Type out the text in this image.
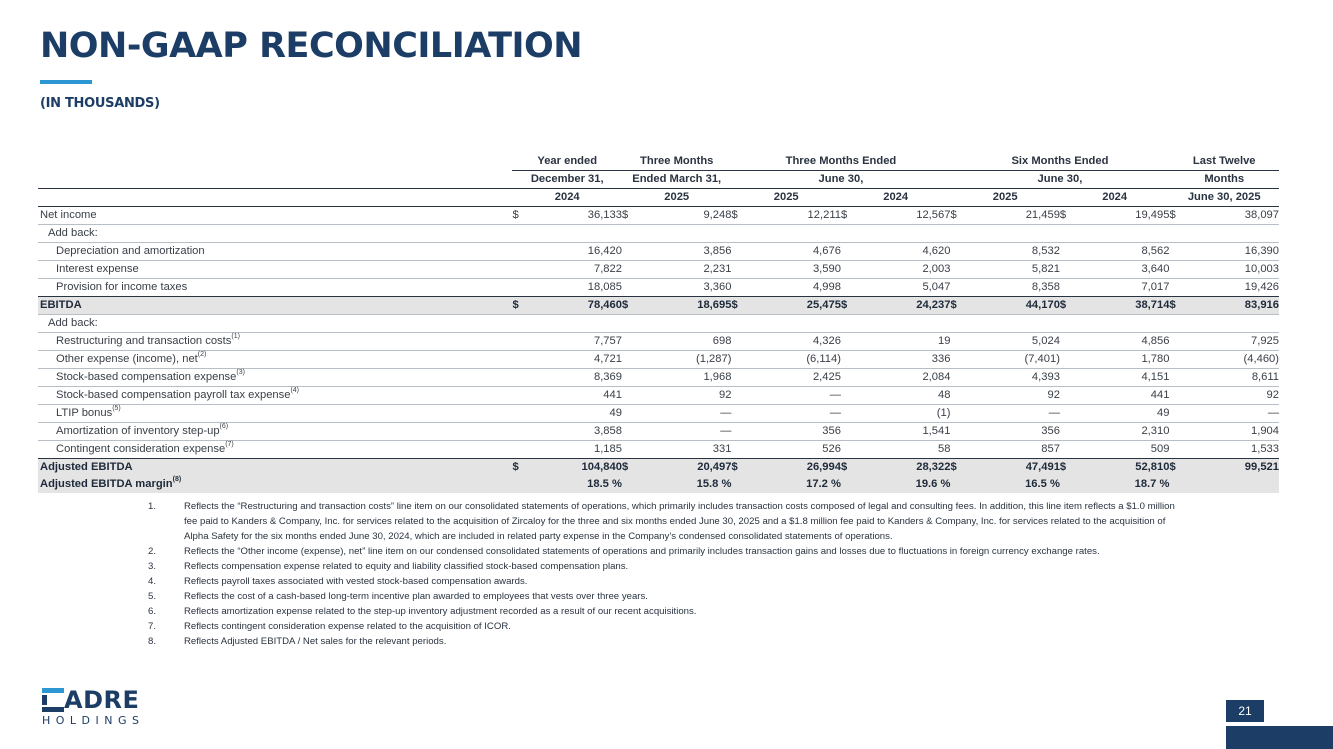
NON-GAAP RECONCILIATION
(IN THOUSANDS)
	Year ended		Three Months		Three Months Ended				Six Months Ended				Last Twelve	
	December 31,		Ended March 31,		June 30,				June 30,				Months	
	2024		2025		2025		2024		2025		2024		June 30, 2025	
Net income	$	36,133	$	9,248	$	12,211	$	12,567	$	21,459	$	19,495	$	38,097
Add back:														
Depreciation and amortization		16,420		3,856		4,676		4,620		8,532		8,562		16,390
Interest expense		7,822		2,231		3,590		2,003		5,821		3,640		10,003
Provision for income taxes		18,085		3,360		4,998		5,047		8,358		7,017		19,426
EBITDA	$	78,460	$	18,695	$	25,475	$	24,237	$	44,170	$	38,714	$	83,916
Add back:														
Restructuring and transaction costs$^{(1)}$		7,757		698		4,326		19		5,024		4,856		7,925
Other expense (income), net$^{(2)}$		4,721		(1,287)		(6,114)		336		(7,401)		1,780		(4,460)
Stock-based compensation expense$^{(3)}$		8,369		1,968		2,425		2,084		4,393		4,151		8,611
Stock-based compensation payroll tax expense$^{(4)}$		441		92		—		48		92		441		92
LTIP bonus$^{(5)}$		49		—		—		(1)		—		49		—
Amortization of inventory step-$up^{(6)}$		3,858		—		356		1,541		356		2,310		1,904
Contingent consideration expense$^{(7)}$		1,185		331		526		58		857		509		1,533
Adjusted EBITDA	$	104,840	$	20,497	$	26,994	$	28,322	$	47,491	$	52,810	$	99,521
Adjusted EBITDA margin$^{(8)}$		18.5 %		15.8 %		17.2 %		19.6 %		16.5 %		18.7 %		
1.	Reflects the “Restructuring and transaction costs” line item on our consolidated statements of operations, which primarily includes transaction costs composed of legal and consulting fees. In addition, this line item reflects a $1.0 million fee paid to Kanders & Company, Inc. for services related to the acquisition of Zircaloy for the three and six months ended June 30, 2025 and a $1.8 million fee paid to Kanders & Company, Inc. for services related to the acquisition of Alpha Safety for the six months ended June 30, 2024, which are included in related party expense in the Company’s condensed consolidated statements of operations.
2.	Reflects the “Other income (expense), net” line item on our condensed consolidated statements of operations and primarily includes transaction gains and losses due to fluctuations in foreign currency exchange rates.
3.	Reflects compensation expense related to equity and liability classified stock-based compensation plans.
4.	Reflects payroll taxes associated with vested stock-based compensation awards.
5.	Reflects the cost of a cash-based long-term incentive plan awarded to employees that vests over three years.
6.	Reflects amortization expense related to the step-up inventory adjustment recorded as a result of our recent acquisitions.
7.	Reflects contingent consideration expense related to the acquisition of ICOR.
8.	Reflects Adjusted EBITDA / Net sales for the relevant periods.
ADRE
HOLDINGS
21
